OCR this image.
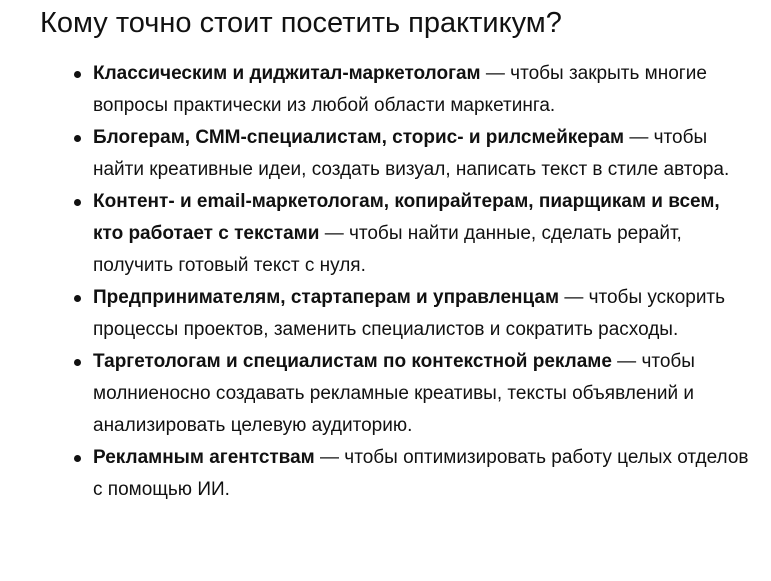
Кому точно стоит посетить практикум?
Классическим и диджитал-маркетологам — чтобы закрыть многие вопросы практически из любой области маркетинга.
Блогерам, СММ-специалистам, сторис- и рилсмейкерам — чтобы найти креативные идеи, создать визуал, написать текст в стиле автора.
Контент- и email-маркетологам, копирайтерам, пиарщикам и всем, кто работает с текстами — чтобы найти данные, сделать рерайт, получить готовый текст с нуля.
Предпринимателям, стартаперам и управленцам — чтобы ускорить процессы проектов, заменить специалистов и сократить расходы.
Таргетологам и специалистам по контекстной рекламе — чтобы молниеносно создавать рекламные креативы, тексты объявлений и анализировать целевую аудиторию.
Рекламным агентствам — чтобы оптимизировать работу целых отделов с помощью ИИ.
